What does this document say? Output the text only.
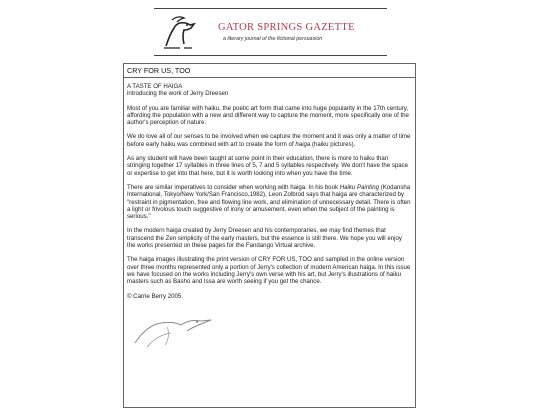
GATOR SPRINGS GAZETTE
a literary journal of the fictional persuasion
CRY FOR US, TOO

A TASTE OF HAIGA
introducing the work of Jerry Dreesen

Most of you are familiar with haiku, the poetic art form that came into huge popularity in the 17th century, affording the population with a new and different way to capture the moment, more specifically one of the author's perception of nature.

We do love all of our senses to be involved when we capture the moment and it was only a matter of time before early haiku was combined with art to create the form of haiga (haiku pictures).

As any student will have been taught at some point in their education, there is more to haiku than stringing together 17 syllables in three lines of 5, 7 and 5 syllables respectively. We don't have the space or expertise to get into that here, but it is worth looking into when you have the time.

There are similar imperatives to consider when working with haiga. In his book Haiku Painting (Kodansha International, Tokyo/New York/San Francisco,1982), Leon Zolbrod says that haiga are characterized by "restraint in pigmentation, free and flowing line work, and elimination of unnecessary detail. There is often a light or frivolous touch suggestive of irony or amusement, even when the subject of the painting is serious."

In the modern haiga created by Jerry Dreesen and his contemporaries, we may find themes that transcend the Zen simplicity of the early masters, but the essence is still there. We hope you will enjoy the works presented on these pages for the Fandango Virtual archive.

The haiga images illustrating the print version of CRY FOR US, TOO and sampled in the online version over three months represented only a portion of Jerry's collection of modern American haiga. In this issue we have focused on the works including Jerry's own verse with his art, but Jerry's illustrations of haiku masters such as Basho and Issa are worth seeing if you get the chance.

© Carrie Berry 2005
